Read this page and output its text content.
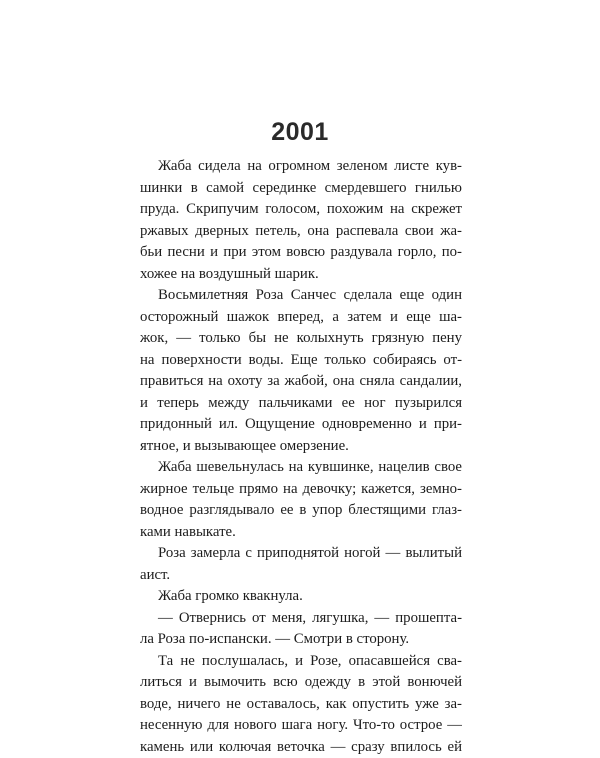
2001
Жаба сидела на огромном зеленом листе кув-
шинки в самой серединке смердевшего гнилью
пруда. Скрипучим голосом, похожим на скрежет
ржавых дверных петель, она распевала свои жа-
бьи песни и при этом вовсю раздувала горло, по-
хожее на воздушный шарик.
Восьмилетняя Роза Санчес сделала еще один
осторожный шажок вперед, а затем и еще ша-
жок, — только бы не колыхнуть грязную пену
на поверхности воды. Еще только собираясь от-
правиться на охоту за жабой, она сняла сандалии,
и теперь между пальчиками ее ног пузырился
придонный ил. Ощущение одновременно и при-
ятное, и вызывающее омерзение.
Жаба шевельнулась на кувшинке, нацелив свое
жирное тельце прямо на девочку; кажется, земно-
водное разглядывало ее в упор блестящими глаз-
ками навыкате.
Роза замерла с приподнятой ногой — вылитый
аист.
Жаба громко квакнула.
— Отвернись от меня, лягушка, — прошепта-
ла Роза по-испански. — Смотри в сторону.
Та не послушалась, и Розе, опасавшейся сва-
литься и вымочить всю одежду в этой вонючей
воде, ничего не оставалось, как опустить уже за-
несенную для нового шага ногу. Что-то острое —
камень или колючая веточка — сразу впилось ей
